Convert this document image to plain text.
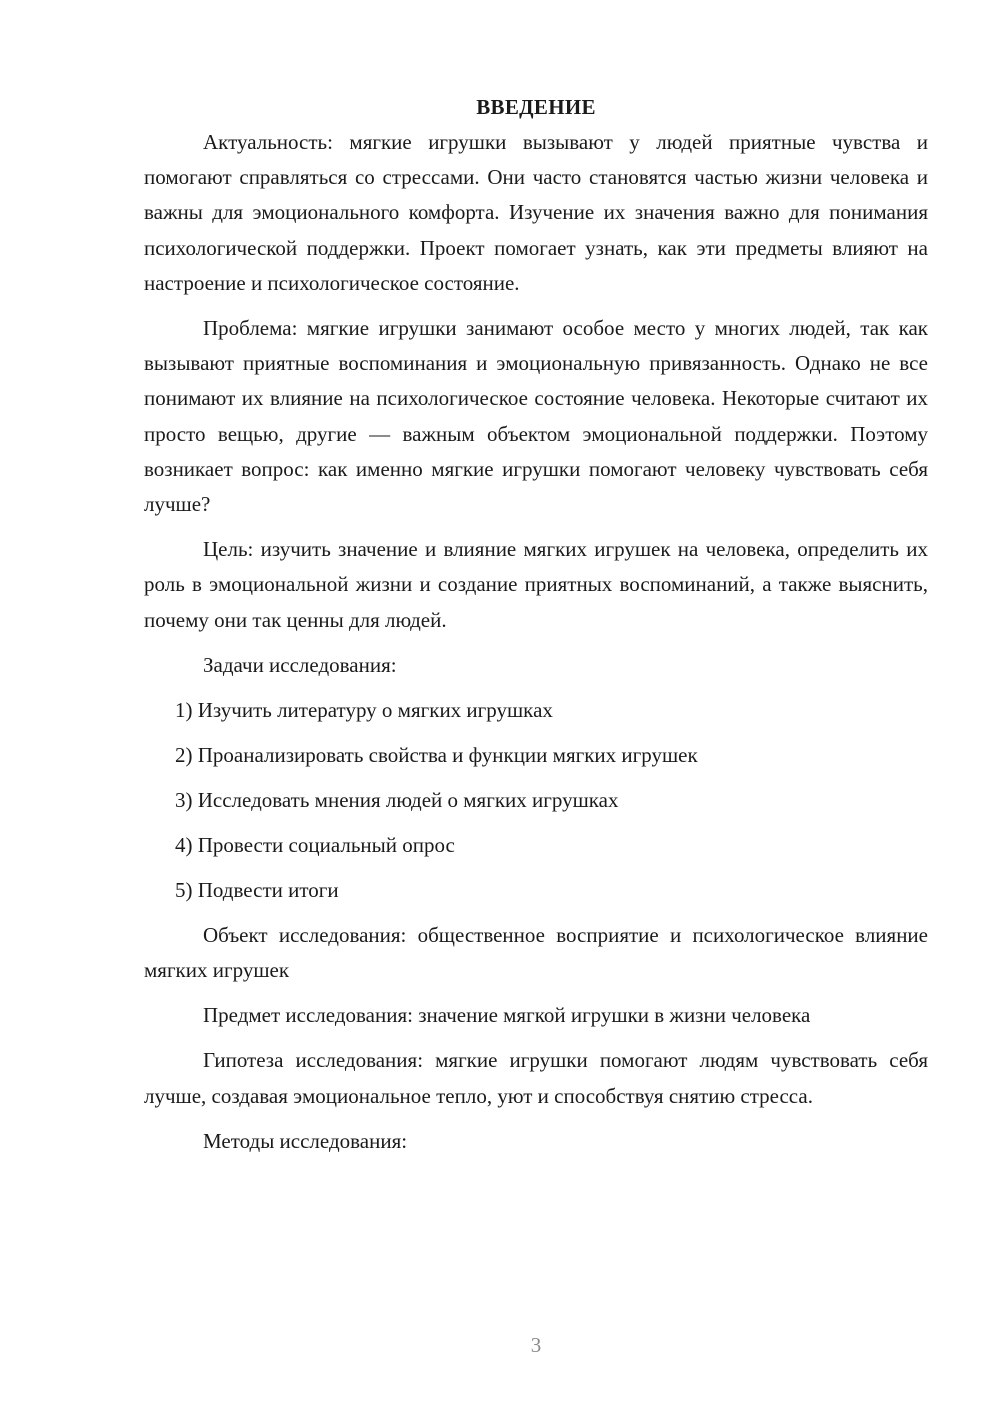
ВВЕДЕНИЕ

Актуальность: мягкие игрушки вызывают у людей приятные чувства и помогают справляться со стрессами. Они часто становятся частью жизни человека и важны для эмоционального комфорта. Изучение их значения важно для понимания психологической поддержки. Проект помогает узнать, как эти предметы влияют на настроение и психологическое состояние.

Проблема: мягкие игрушки занимают особое место у многих людей, так как вызывают приятные воспоминания и эмоциональную привязанность. Однако не все понимают их влияние на психологическое состояние человека. Некоторые считают их просто вещью, другие — важным объектом эмоциональной поддержки. Поэтому возникает вопрос: как именно мягкие игрушки помогают человеку чувствовать себя лучше?

Цель: изучить значение и влияние мягких игрушек на человека, определить их роль в эмоциональной жизни и создание приятных воспоминаний, а также выяснить, почему они так ценны для людей.

Задачи исследования:
1) Изучить литературу о мягких игрушках
2) Проанализировать свойства и функции мягких игрушек
3) Исследовать мнения людей о мягких игрушках
4) Провести социальный опрос
5) Подвести итоги

Объект исследования: общественное восприятие и психологическое влияние мягких игрушек

Предмет исследования: значение мягкой игрушки в жизни человека

Гипотеза исследования: мягкие игрушки помогают людям чувствовать себя лучше, создавая эмоциональное тепло, уют и способствуя снятию стресса.

Методы исследования:

3
